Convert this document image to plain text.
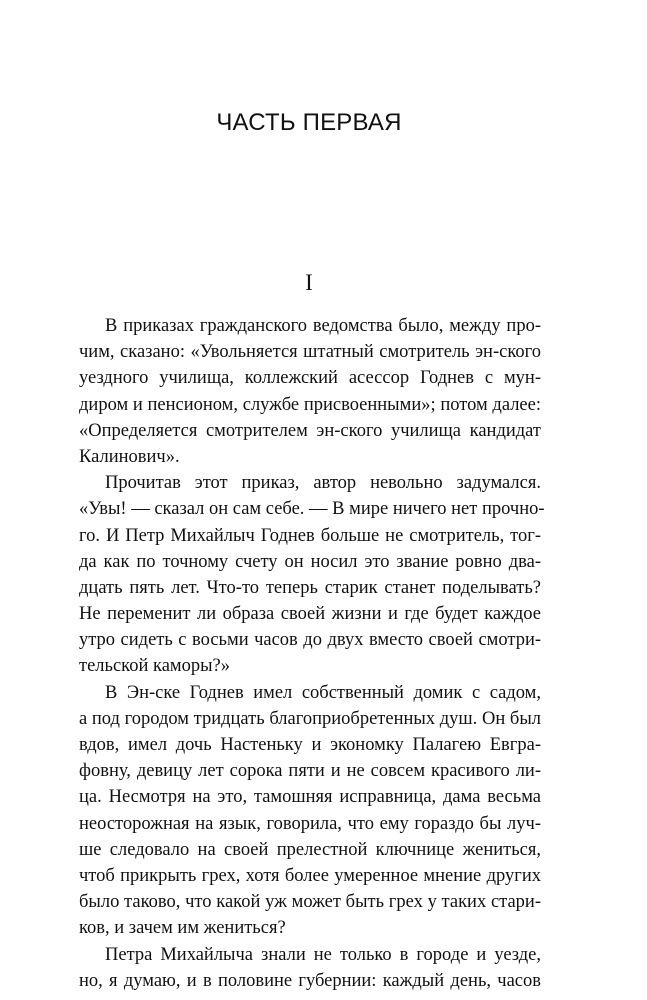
ЧАСТЬ ПЕРВАЯ
I
В приказах гражданского ведомства было, между про-
чим, сказано: «Увольняется штатный смотритель эн-ского
уездного училища, коллежский асессор Годнев с мун-
диром и пенсионом, службе присвоенными»; потом далее:
«Определяется смотрителем эн-ского училища кандидат
Калинович».
Прочитав этот приказ, автор невольно задумался.
«Увы! — сказал он сам себе. — В мире ничего нет прочно-
го. И Петр Михайлыч Годнев больше не смотритель, тог-
да как по точному счету он носил это звание ровно два-
дцать пять лет. Что-то теперь старик станет поделывать?
Не переменит ли образа своей жизни и где будет каждое
утро сидеть с восьми часов до двух вместо своей смотри-
тельской каморы?»
В Эн-ске Годнев имел собственный домик с садом,
а под городом тридцать благоприобретенных душ. Он был
вдов, имел дочь Настеньку и экономку Палагею Евгра-
фовну, девицу лет сорока пяти и не совсем красивого ли-
ца. Несмотря на это, тамошняя исправница, дама весьма
неосторожная на язык, говорила, что ему гораздо бы луч-
ше следовало на своей прелестной ключнице жениться,
чтоб прикрыть грех, хотя более умеренное мнение других
было таково, что какой уж может быть грех у таких стари-
ков, и зачем им жениться?
Петра Михайлыча знали не только в городе и уезде,
но, я думаю, и в половине губернии: каждый день, часов
